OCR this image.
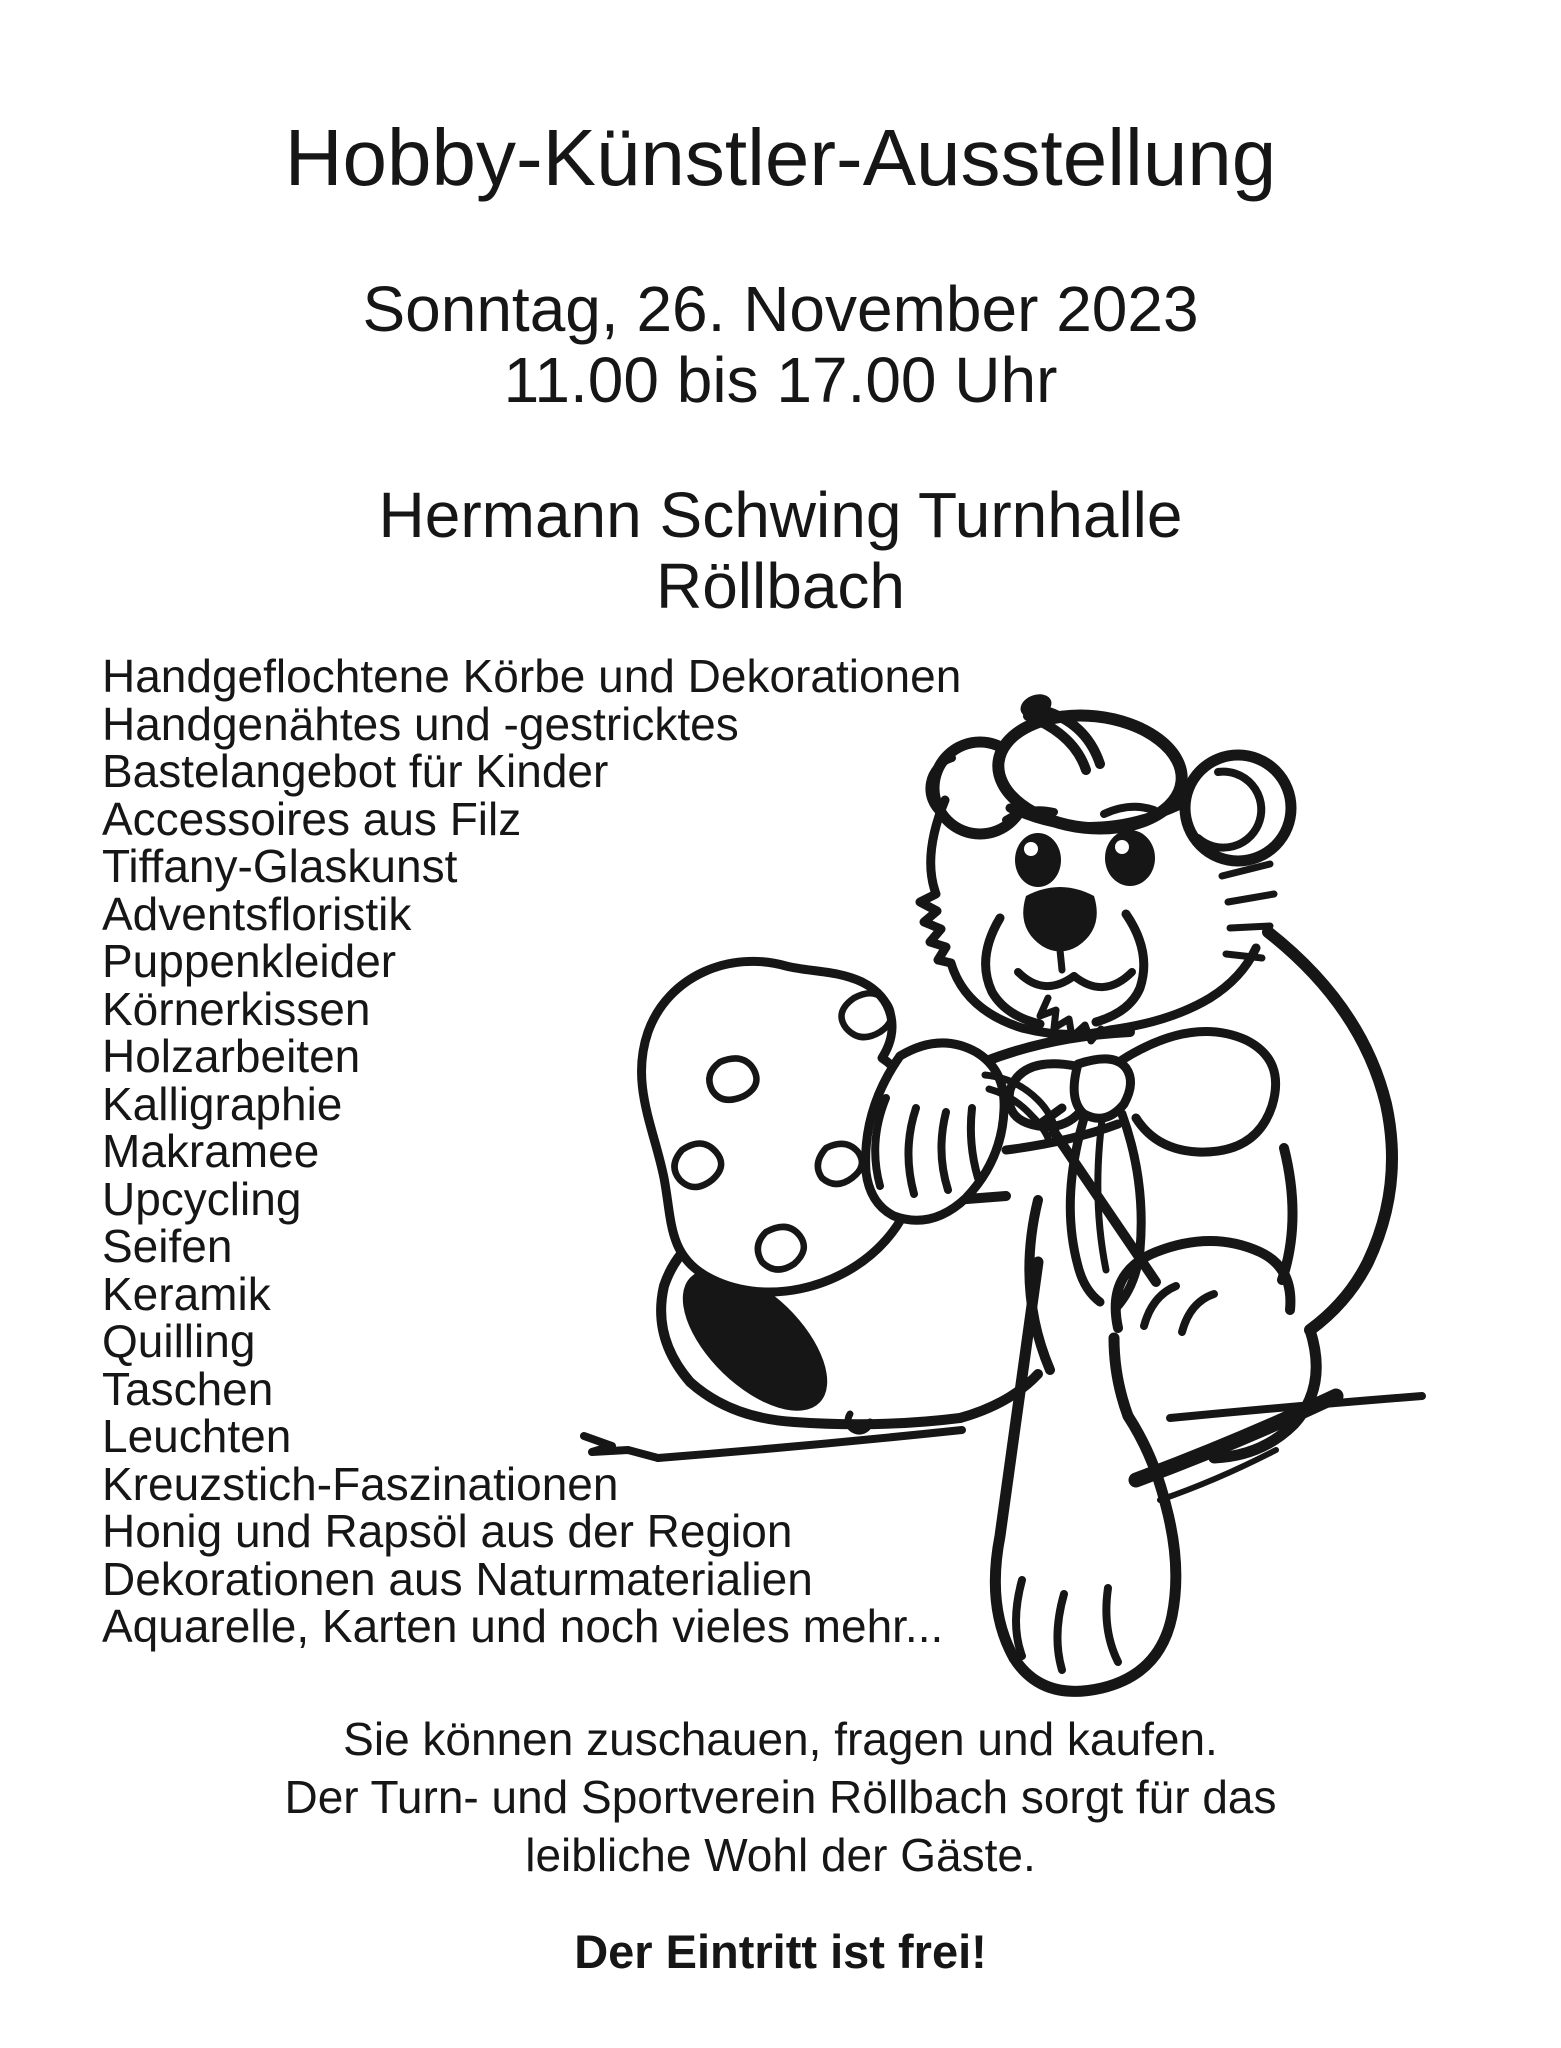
Hobby-Künstler-Ausstellung
Sonntag, 26. November 2023
11.00 bis 17.00 Uhr
Hermann Schwing Turnhalle
Röllbach
Handgeflochtene Körbe und Dekorationen
Handgenähtes und -gestricktes
Bastelangebot für Kinder
Accessoires aus Filz
Tiffany-Glaskunst
Adventsfloristik
Puppenkleider
Körnerkissen
Holzarbeiten
Kalligraphie
Makramee
Upcycling
Seifen
Keramik
Quilling
Taschen
Leuchten
Kreuzstich-Faszinationen
Honig und Rapsöl aus der Region
Dekorationen aus Naturmaterialien
Aquarelle, Karten und noch vieles mehr...
Sie können zuschauen, fragen und kaufen.
Der Turn- und Sportverein Röllbach sorgt für das
leibliche Wohl der Gäste.
Der Eintritt ist frei!
